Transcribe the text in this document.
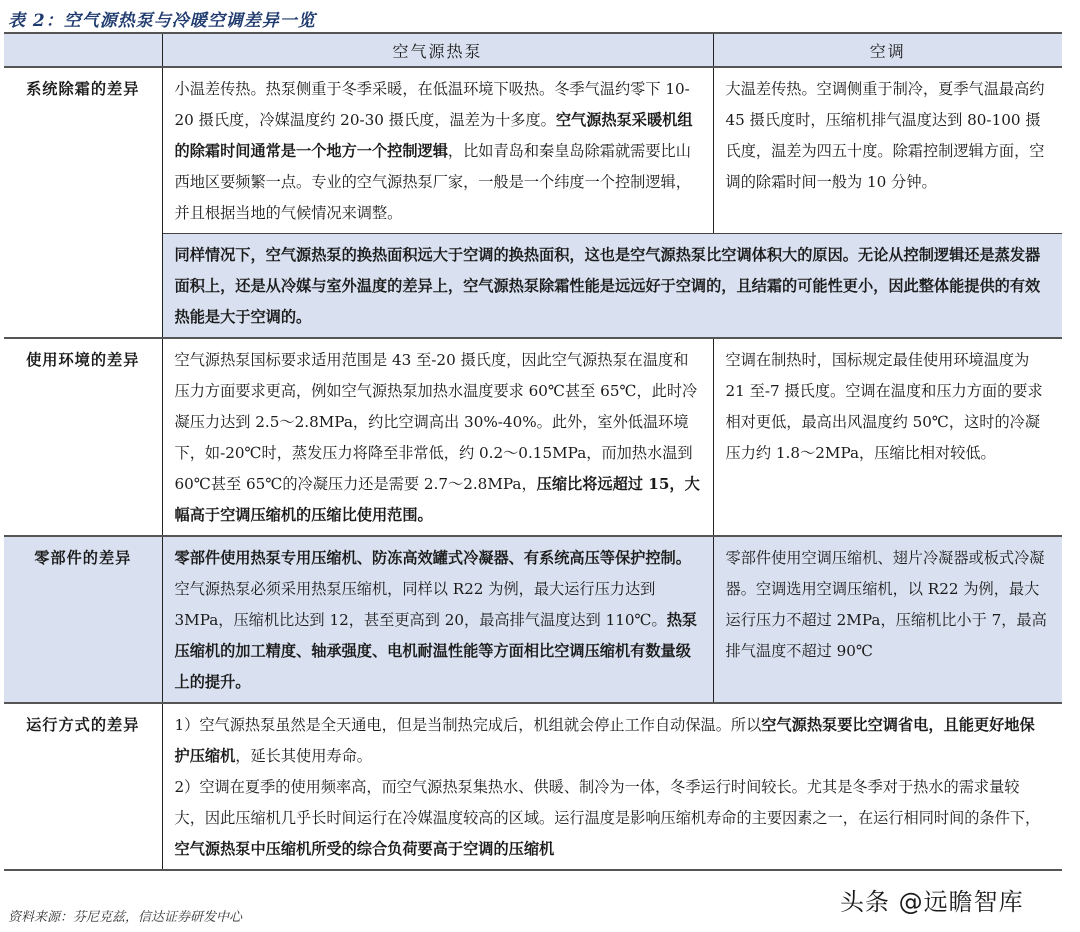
表 2：空气源热泵与冷暖空调差异一览
	空气源热泵	空调
系统除霜的差异	小温差传热。热泵侧重于冬季采暖，在低温环境下吸热。冬季气温约零下 10-20 摄氏度，冷媒温度约 20-30 摄氏度，温差为十多度。空气源热泵采暖机组的除霜时间通常是一个地方一个控制逻辑，比如青岛和秦皇岛除霜就需要比山西地区要频繁一点。专业的空气源热泵厂家，一般是一个纬度一个控制逻辑，并且根据当地的气候情况来调整。	大温差传热。空调侧重于制冷，夏季气温最高约 45 摄氏度时，压缩机排气温度达到 80-100 摄氏度，温差为四五十度。除霜控制逻辑方面，空调的除霜时间一般为 10 分钟。
	同样情况下，空气源热泵的换热面积远大于空调的换热面积，这也是空气源热泵比空调体积大的原因。无论从控制逻辑还是蒸发器面积上，还是从冷媒与室外温度的差异上，空气源热泵除霜性能是远远好于空调的，且结霜的可能性更小，因此整体能提供的有效热能是大于空调的。	
使用环境的差异	空气源热泵国标要求适用范围是 43 至-20 摄氏度，因此空气源热泵在温度和压力方面要求更高，例如空气源热泵加热水温度要求 60℃甚至 65℃，此时冷凝压力达到 2.5～2.8MPa，约比空调高出 30%-40%。此外，室外低温环境下，如-20℃时，蒸发压力将降至非常低，约 0.2～0.15MPa，而加热水温到 60℃甚至 65℃的冷凝压力还是需要 2.7～2.8MPa，压缩比将远超过 15，大幅高于空调压缩机的压缩比使用范围。	空调在制热时，国标规定最佳使用环境温度为 21 至-7 摄氏度。空调在温度和压力方面的要求相对更低，最高出风温度约 50℃，这时的冷凝压力约 1.8～2MPa，压缩比相对较低。
零部件的差异	零部件使用热泵专用压缩机、防冻高效罐式冷凝器、有系统高压等保护控制。空气源热泵必须采用热泵压缩机，同样以 R22 为例，最大运行压力达到 3MPa，压缩机比达到 12，甚至更高到 20，最高排气温度达到 110℃。热泵压缩机的加工精度、轴承强度、电机耐温性能等方面相比空调压缩机有数量级上的提升。	零部件使用空调压缩机、翅片冷凝器或板式冷凝器。空调选用空调压缩机，以 R22 为例，最大运行压力不超过 2MPa，压缩机比小于 7，最高排气温度不超过 90℃
运行方式的差异	1）空气源热泵虽然是全天通电，但是当制热完成后，机组就会停止工作自动保温。所以空气源热泵要比空调省电，且能更好地保护压缩机，延长其使用寿命。
2）空调在夏季的使用频率高，而空气源热泵集热水、供暖、制冷为一体，冬季运行时间较长。尤其是冬季对于热水的需求量较大，因此压缩机几乎长时间运行在冷媒温度较高的区域。运行温度是影响压缩机寿命的主要因素之一，在运行相同时间的条件下，空气源热泵中压缩机所受的综合负荷要高于空调的压缩机	
资料来源：芬尼克兹，信达证券研发中心
头条 @远瞻智库
